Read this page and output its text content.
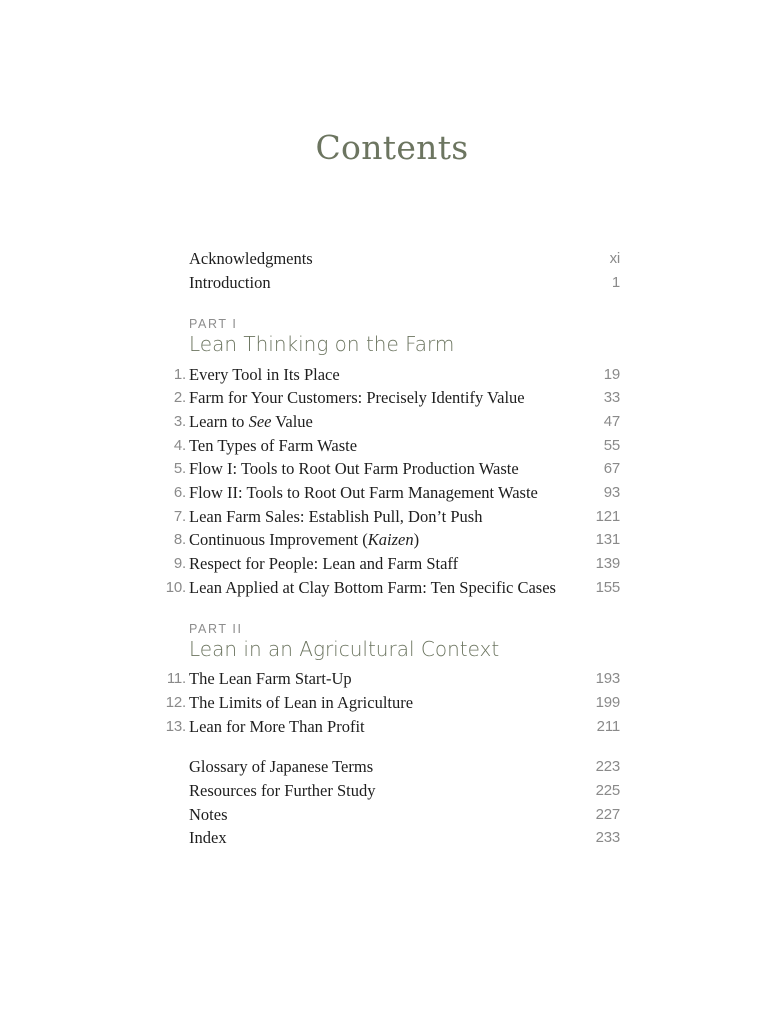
Contents
Acknowledgments	xi
Introduction	1
PART I
Lean Thinking on the Farm
1. Every Tool in Its Place	19
2. Farm for Your Customers: Precisely Identify Value	33
3. Learn to See Value	47
4. Ten Types of Farm Waste	55
5. Flow I: Tools to Root Out Farm Production Waste	67
6. Flow II: Tools to Root Out Farm Management Waste	93
7. Lean Farm Sales: Establish Pull, Don’t Push	121
8. Continuous Improvement (Kaizen)	131
9. Respect for People: Lean and Farm Staff	139
10. Lean Applied at Clay Bottom Farm: Ten Specific Cases	155
PART II
Lean in an Agricultural Context
11. The Lean Farm Start-Up	193
12. The Limits of Lean in Agriculture	199
13. Lean for More Than Profit	211
Glossary of Japanese Terms	223
Resources for Further Study	225
Notes	227
Index	233
